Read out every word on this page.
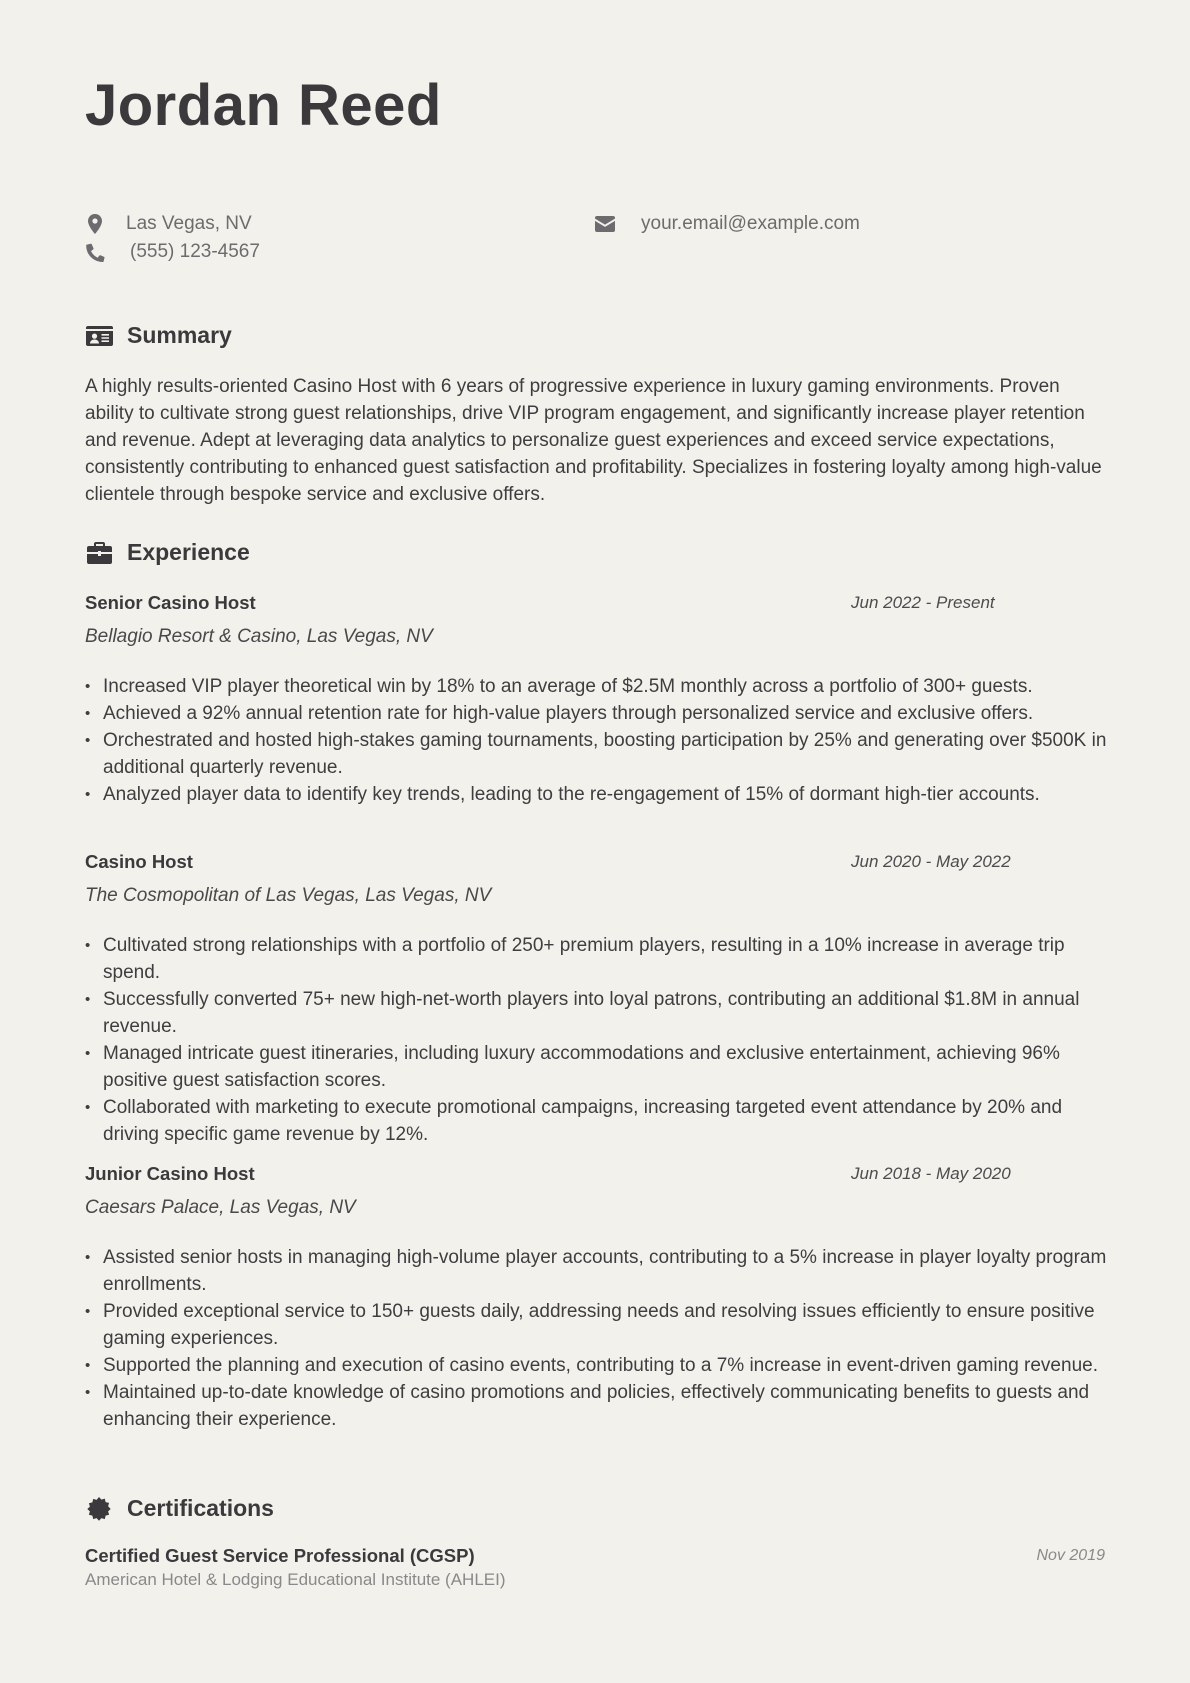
Jordan Reed
Las Vegas, NV
(555) 123-4567
your.email@example.com
Summary

A highly results-oriented Casino Host with 6 years of progressive experience in luxury gaming environments. Proven ability to cultivate strong guest relationships, drive VIP program engagement, and significantly increase player retention and revenue. Adept at leveraging data analytics to personalize guest experiences and exceed service expectations, consistently contributing to enhanced guest satisfaction and profitability. Specializes in fostering loyalty among high-value clientele through bespoke service and exclusive offers.

Experience
Senior Casino Host	Jun 2022 - Present
Bellagio Resort & Casino, Las Vegas, NV
• Increased VIP player theoretical win by 18% to an average of $2.5M monthly across a portfolio of 300+ guests.
• Achieved a 92% annual retention rate for high-value players through personalized service and exclusive offers.
• Orchestrated and hosted high-stakes gaming tournaments, boosting participation by 25% and generating over $500K in additional quarterly revenue.
• Analyzed player data to identify key trends, leading to the re-engagement of 15% of dormant high-tier accounts.
Casino Host	Jun 2020 - May 2022
The Cosmopolitan of Las Vegas, Las Vegas, NV
• Cultivated strong relationships with a portfolio of 250+ premium players, resulting in a 10% increase in average trip spend.
• Successfully converted 75+ new high-net-worth players into loyal patrons, contributing an additional $1.8M in annual revenue.
• Managed intricate guest itineraries, including luxury accommodations and exclusive entertainment, achieving 96% positive guest satisfaction scores.
• Collaborated with marketing to execute promotional campaigns, increasing targeted event attendance by 20% and driving specific game revenue by 12%.
Junior Casino Host	Jun 2018 - May 2020
Caesars Palace, Las Vegas, NV
• Assisted senior hosts in managing high-volume player accounts, contributing to a 5% increase in player loyalty program enrollments.
• Provided exceptional service to 150+ guests daily, addressing needs and resolving issues efficiently to ensure positive gaming experiences.
• Supported the planning and execution of casino events, contributing to a 7% increase in event-driven gaming revenue.
• Maintained up-to-date knowledge of casino promotions and policies, effectively communicating benefits to guests and enhancing their experience.
Certifications
Certified Guest Service Professional (CGSP)
American Hotel & Lodging Educational Institute (AHLEI)
Nov 2019
